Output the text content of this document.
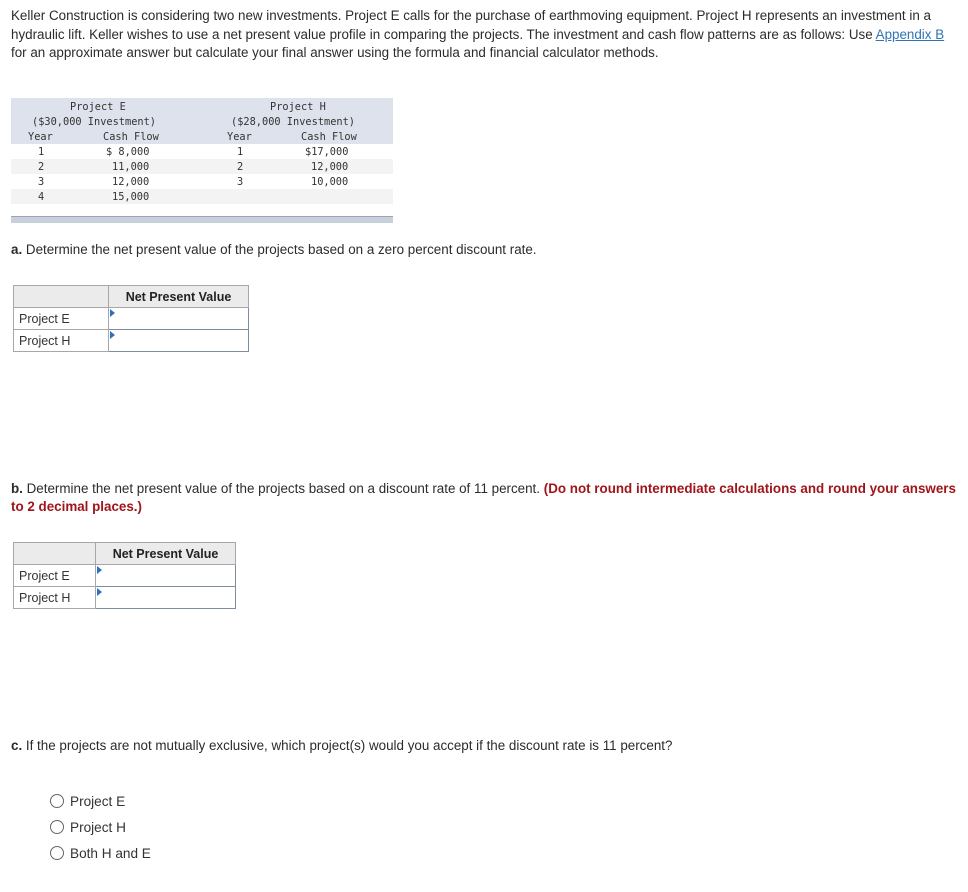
Keller Construction is considering two new investments. Project E calls for the purchase of earthmoving equipment. Project H represents an investment in a hydraulic lift. Keller wishes to use a net present value profile in comparing the projects. The investment and cash flow patterns are as follows: Use Appendix B for an approximate answer but calculate your final answer using the formula and financial calculator methods.
Project E
($30,000 Investment)
Year	Cash Flow
Project H
($28,000 Investment)
Year	Cash Flow
1	$ 8,000	1	$17,000
2	11,000	2	12,000
3	12,000	3	10,000
4	15,000
a. Determine the net present value of the projects based on a zero percent discount rate.
	Net Present Value
Project E	

Project H	
b. Determine the net present value of the projects based on a discount rate of 11 percent. (Do not round intermediate calculations and round your answers to 2 decimal places.)
	Net Present Value
Project E	

Project H	
c. If the projects are not mutually exclusive, which project(s) would you accept if the discount rate is 11 percent?
Project E
Project H
Both H and E
